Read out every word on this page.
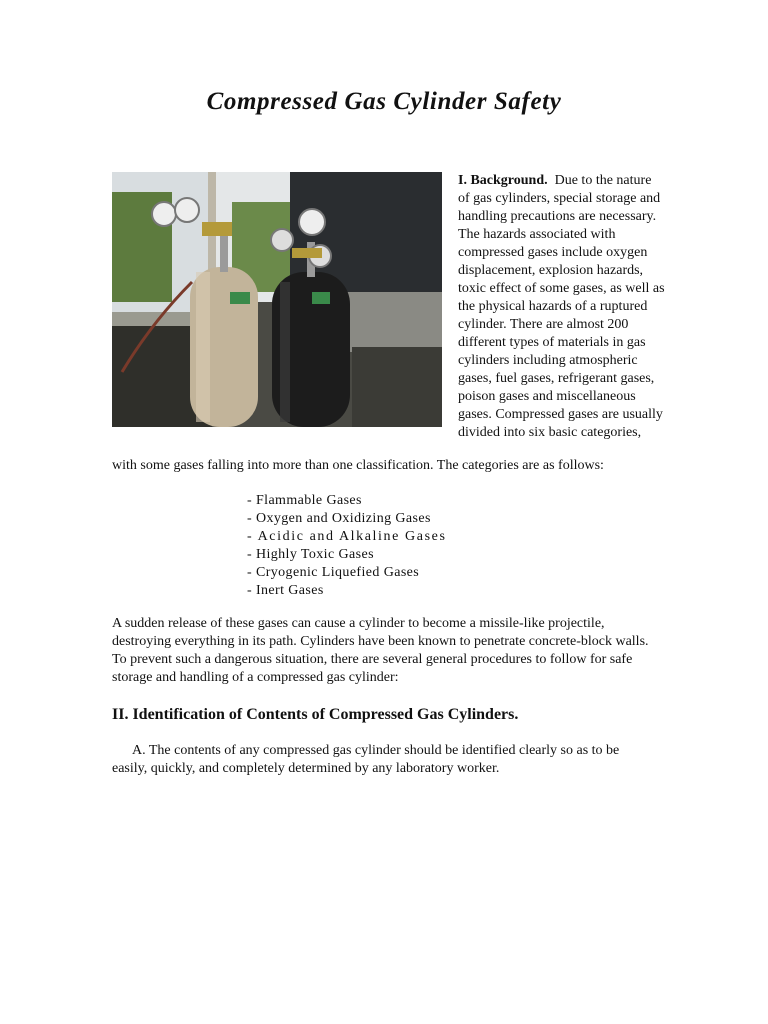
Compressed Gas Cylinder Safety

I. Background. Due to the nature of gas cylinders, special storage and handling precautions are necessary. The hazards associated with compressed gases include oxygen displacement, explosion hazards, toxic effect of some gases, as well as the physical hazards of a ruptured cylinder. There are almost 200 different types of materials in gas cylinders including atmospheric gases, fuel gases, refrigerant gases, poison gases and miscellaneous gases. Compressed gases are usually divided into six basic categories,

with some gases falling into more than one classification. The categories are as follows:

- Flammable Gases
- Oxygen and Oxidizing Gases
- Acidic and Alkaline Gases
- Highly Toxic Gases
- Cryogenic Liquefied Gases
- Inert Gases

A sudden release of these gases can cause a cylinder to become a missile-like projectile, destroying everything in its path. Cylinders have been known to penetrate concrete-block walls. To prevent such a dangerous situation, there are several general procedures to follow for safe storage and handling of a compressed gas cylinder:

II. Identification of Contents of Compressed Gas Cylinders.

A. The contents of any compressed gas cylinder should be identified clearly so as to be easily, quickly, and completely determined by any laboratory worker.
